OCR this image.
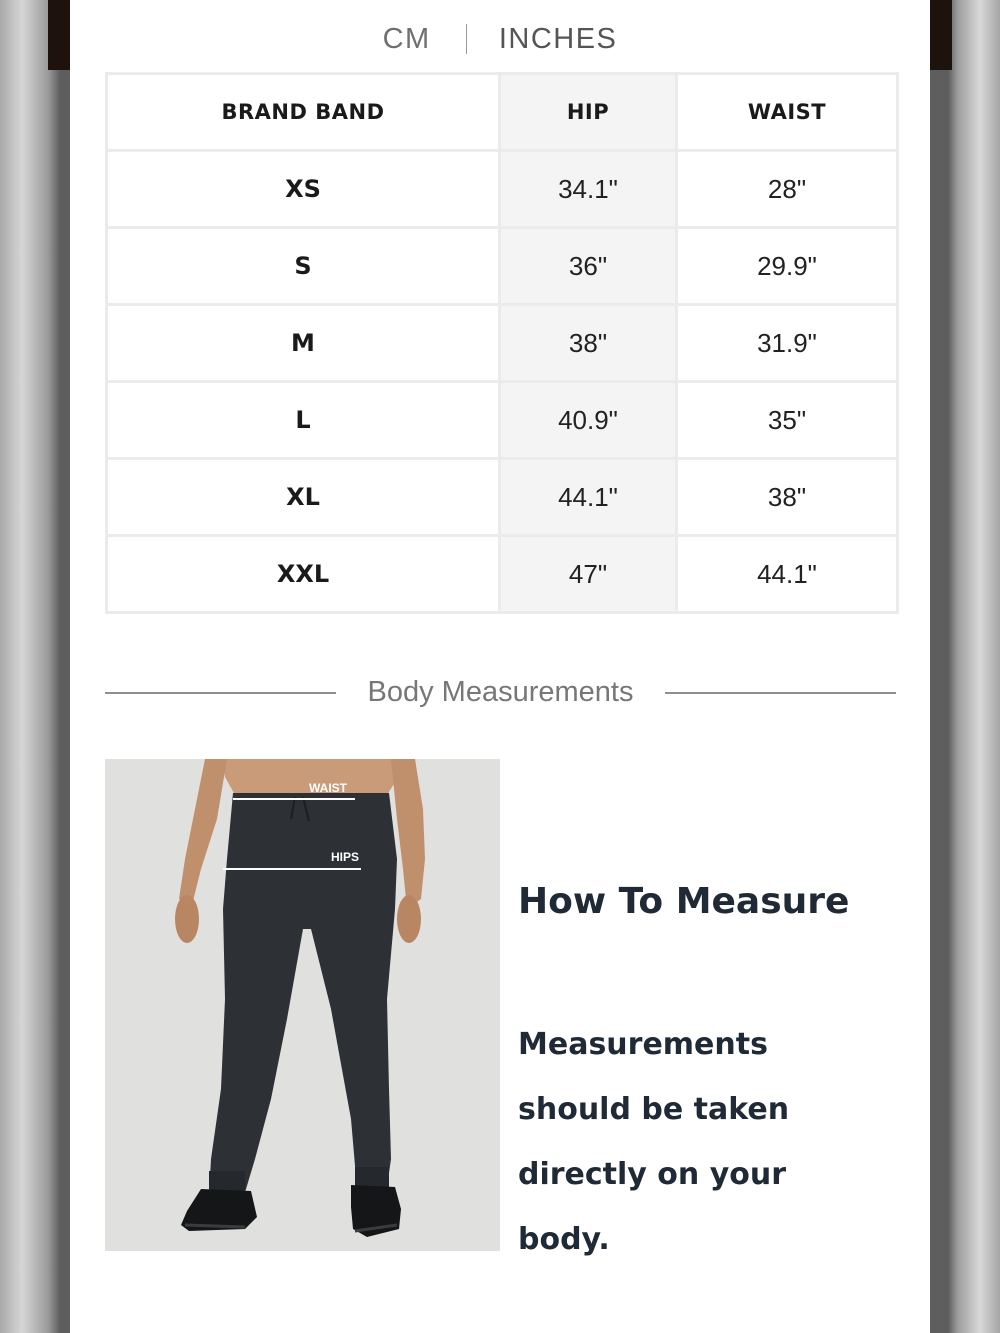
CM INCHES
BRAND BAND	HIP	WAIST
XS	34.1"	28"
S	36"	29.9"
M	38"	31.9"
L	40.9"	35"
XL	44.1"	38"
XXL	47"	44.1"
Body Measurements
WAIST
HIPS

How To Measure

Measurements should be taken directly on your body.
